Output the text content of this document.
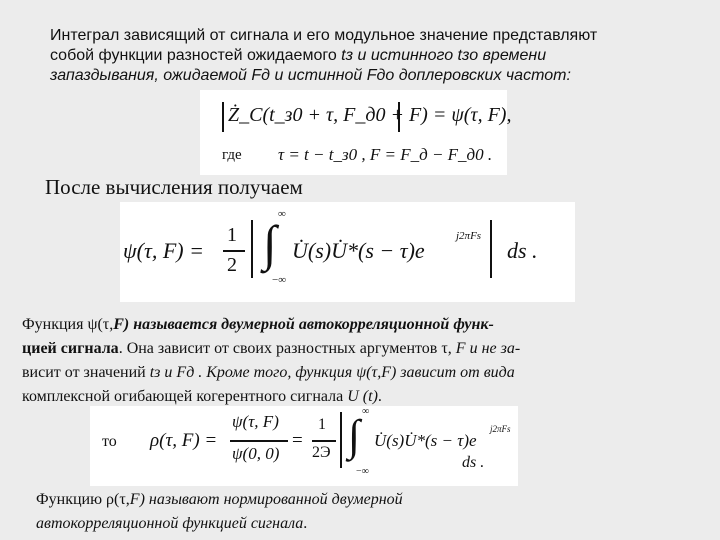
Интеграл зависящий от сигнала и его модульное значение представляют
собой функции разностей ожидаемого tз и истинного tзо времени
запаздывания, ожидаемой Fд и истинной Fдо доплеровских частот:
Ż_C(t_з0 + τ, F_д0 + F) = ψ(τ, F),
где τ = t − t_з0 , F = F_д − F_д0 .
После вычисления получаем
ψ(τ, F) =
1
2 ∫
∞
−∞
U̇(s)U̇*(s − τ)e
j2πFs
ds .
Функция ψ(τ,F) называется двумерной автокорреляционной функ-
цией сигнала. Она зависит от своих разностных аргументов τ, F и не за-
висит от значений tз и Fд . Кроме того, функция ψ(τ,F) зависит от вида
комплексной огибающей когерентного сигнала U (t).
то ρ(τ, F) =
ψ(τ, F)
ψ(0, 0)
=
1
2Э ∫ ∞
−∞
U̇(s)U̇*(s − τ)e
j2πFs
ds .
Функцию ρ(τ,F) называют нормированной двумерной
автокорреляционной функцией сигнала.
